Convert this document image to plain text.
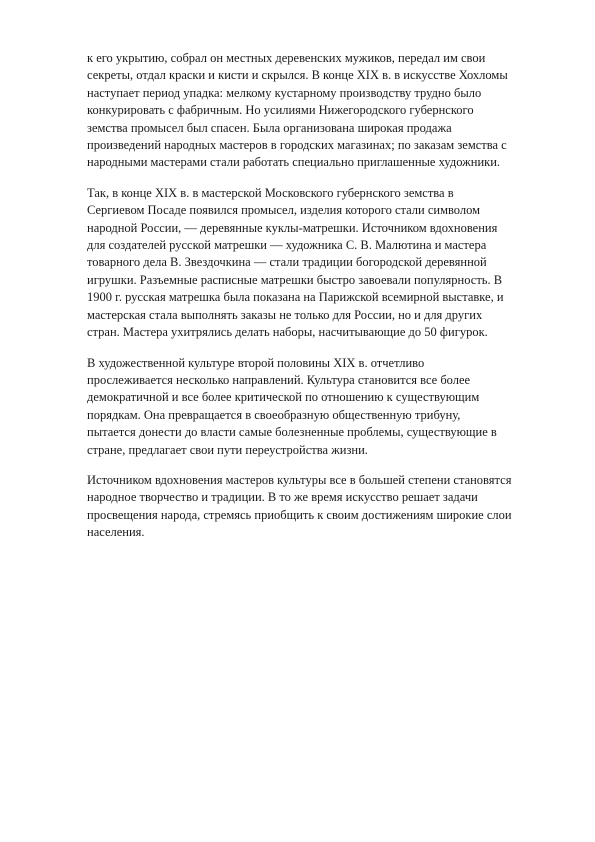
к его укрытию, собрал он местных деревенских мужиков, передал им свои секреты, отдал краски и кисти и скрылся. В конце XIX в. в искусстве Хохломы наступает период упадка: мелкому кустарному производству трудно было конкурировать с фабричным. Но усилиями Нижегородского губернского земства промысел был спасен. Была организована широкая продажа произведений народных мастеров в городских магазинах; по заказам земства с народными мастерами стали работать специально приглашенные художники.

Так, в конце XIX в. в мастерской Московского губернского земства в Сергиевом Посаде появился промысел, изделия которого стали символом народной России, — деревянные куклы-матрешки. Источником вдохновения для создателей русской матрешки — художника С. В. Малютина и мастера товарного дела В. Звездочкина — стали традиции богородской деревянной игрушки. Разъемные расписные матрешки быстро завоевали популярность. В 1900 г. русская матрешка была показана на Парижской всемирной выставке, и мастерская стала выполнять заказы не только для России, но и для других стран. Мастера ухитрялись делать наборы, насчитывающие до 50 фигурок.

В художественной культуре второй половины XIX в. отчетливо прослеживается несколько направлений. Культура становится все более демократичной и все более критической по отношению к существующим порядкам. Она превращается в своеобразную общественную трибуну, пытается донести до власти самые болезненные проблемы, существующие в стране, предлагает свои пути переустройства жизни.

Источником вдохновения мастеров культуры все в большей степени становятся народное творчество и традиции. В то же время искусство решает задачи просвещения народа, стремясь приобщить к своим достижениям широкие слои населения.
